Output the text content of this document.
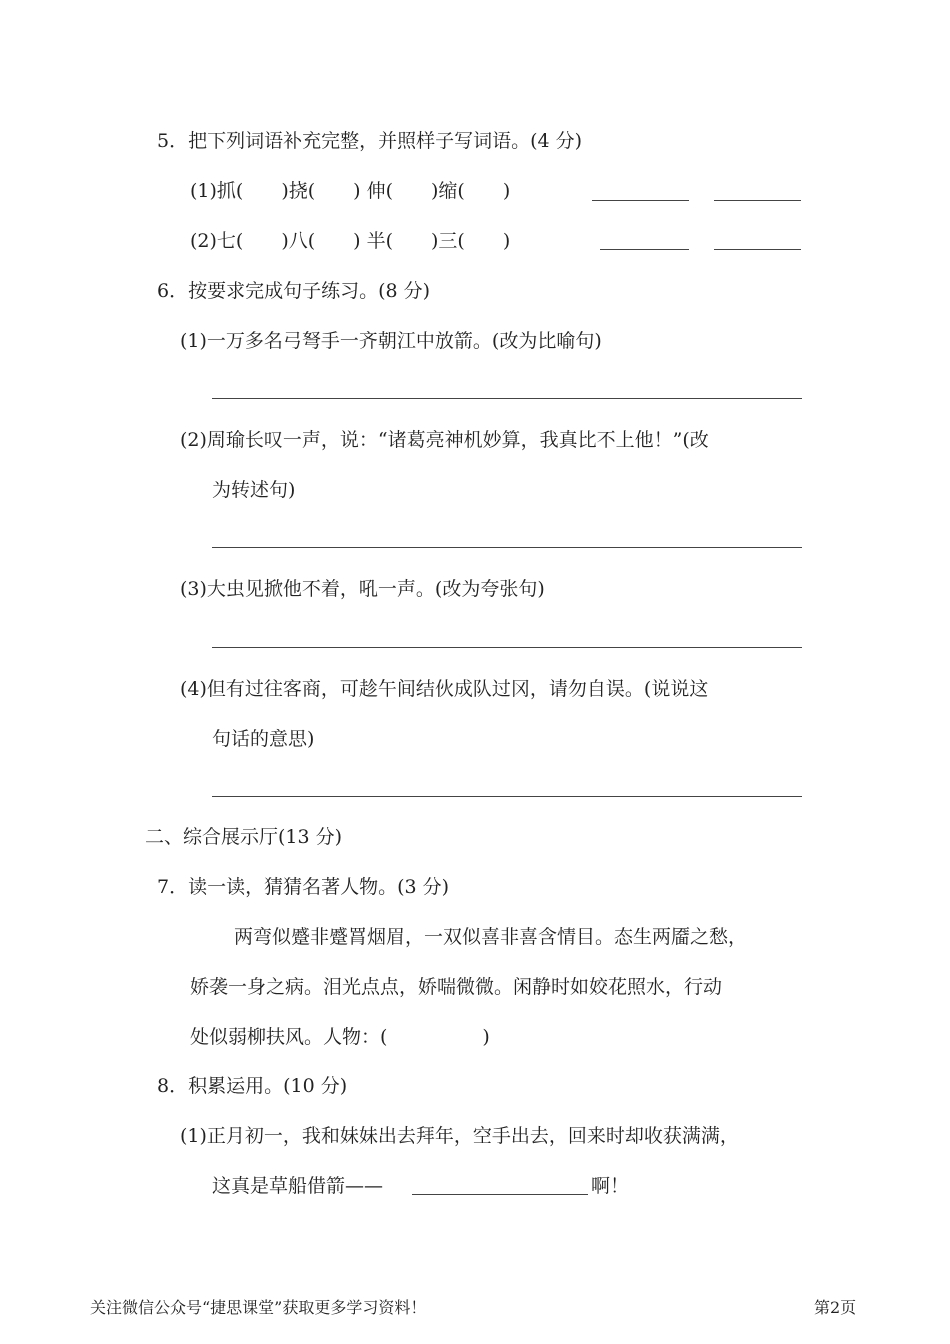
5．把下列词语补充完整，并照样子写词语。(4 分)
(1)抓(　　)挠(　　) 伸(　　)缩(　　)
(2)七(　　)八(　　) 半(　　)三(　　)
6．按要求完成句子练习。(8 分)
(1)一万多名弓弩手一齐朝江中放箭。(改为比喻句)
(2)周瑜长叹一声，说：“诸葛亮神机妙算，我真比不上他！”(改
为转述句)
(3)大虫见掀他不着，吼一声。(改为夸张句)
(4)但有过往客商，可趁午间结伙成队过冈，请勿自误。(说说这
句话的意思)
二、综合展示厅(13 分)
7．读一读，猜猜名著人物。(3 分)
两弯似蹙非蹙罥烟眉，一双似喜非喜含情目。态生两靥之愁，
娇袭一身之病。泪光点点，娇喘微微。闲静时如姣花照水，行动
处似弱柳扶风。人物：(　　　　　)
8．积累运用。(10 分)
(1)正月初一，我和妹妹出去拜年，空手出去，回来时却收获满满，
这真是草船借箭——	啊！
关注微信公众号“捷思课堂”获取更多学习资料！	第2页
